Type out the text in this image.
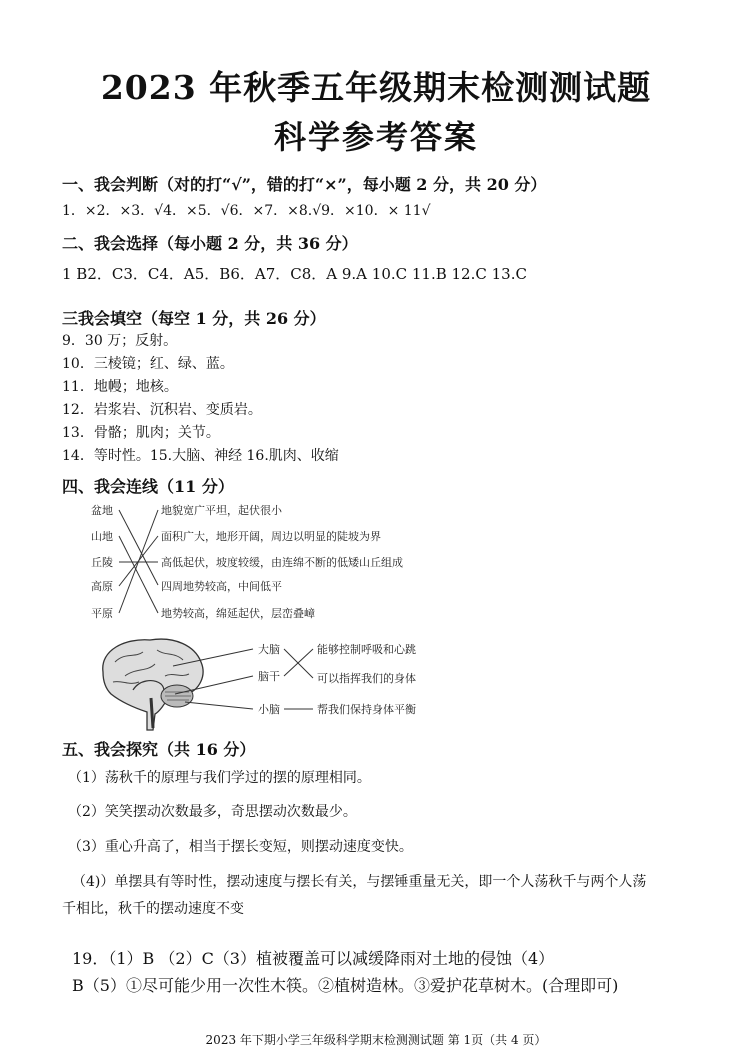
2023 年秋季五年级期末检测测试题
科学参考答案
一、我会判断（对的打“√”，错的打“×”，每小题 2 分，共 20 分）
1．×2．×3．√4．×5．√6．×7．×8.√9．×10．× 11√
二、我会选择（每小题 2 分，共 36 分）
1 B2．C3．C4．A5．B6．A7．C8．A 9.A 10.C 11.B 12.C 13.C
三我会填空（每空 1 分，共 26 分）
9．30 万；反射。
10．三棱镜；红、绿、蓝。
11．地幔；地核。
12．岩浆岩、沉积岩、变质岩。
13．骨骼；肌肉；关节。
14．等时性。15.大脑、神经 16.肌肉、收缩
四、我会连线（11 分）
盆地
山地
丘陵
高原
平原
地貌宽广平坦，起伏很小
面积广大，地形开阔，周边以明显的陡坡为界
高低起伏，坡度较缓，由连绵不断的低矮山丘组成
四周地势较高，中间低平
地势较高，绵延起伏，层峦叠嶂
大脑
脑干
小脑
能够控制呼吸和心跳
可以指挥我们的身体
帮我们保持身体平衡
五、我会探究（共 16 分）
（1）荡秋千的原理与我们学过的摆的原理相同。
（2）笑笑摆动次数最多，奇思摆动次数最少。
（3）重心升高了，相当于摆长变短，则摆动速度变快。
（4)）单摆具有等时性，摆动速度与摆长有关，与摆锤重量无关，即一个人荡秋千与两个人荡
千相比，秋千的摆动速度不变
19．（1）B （2）C（3）植被覆盖可以减缓降雨对土地的侵蚀（4）
B（5）①尽可能少用一次性木筷。②植树造林。③爱护花草树木。(合理即可)
2023 年下期小学三年级科学期末检测测试题 第 1页（共 4 页）
